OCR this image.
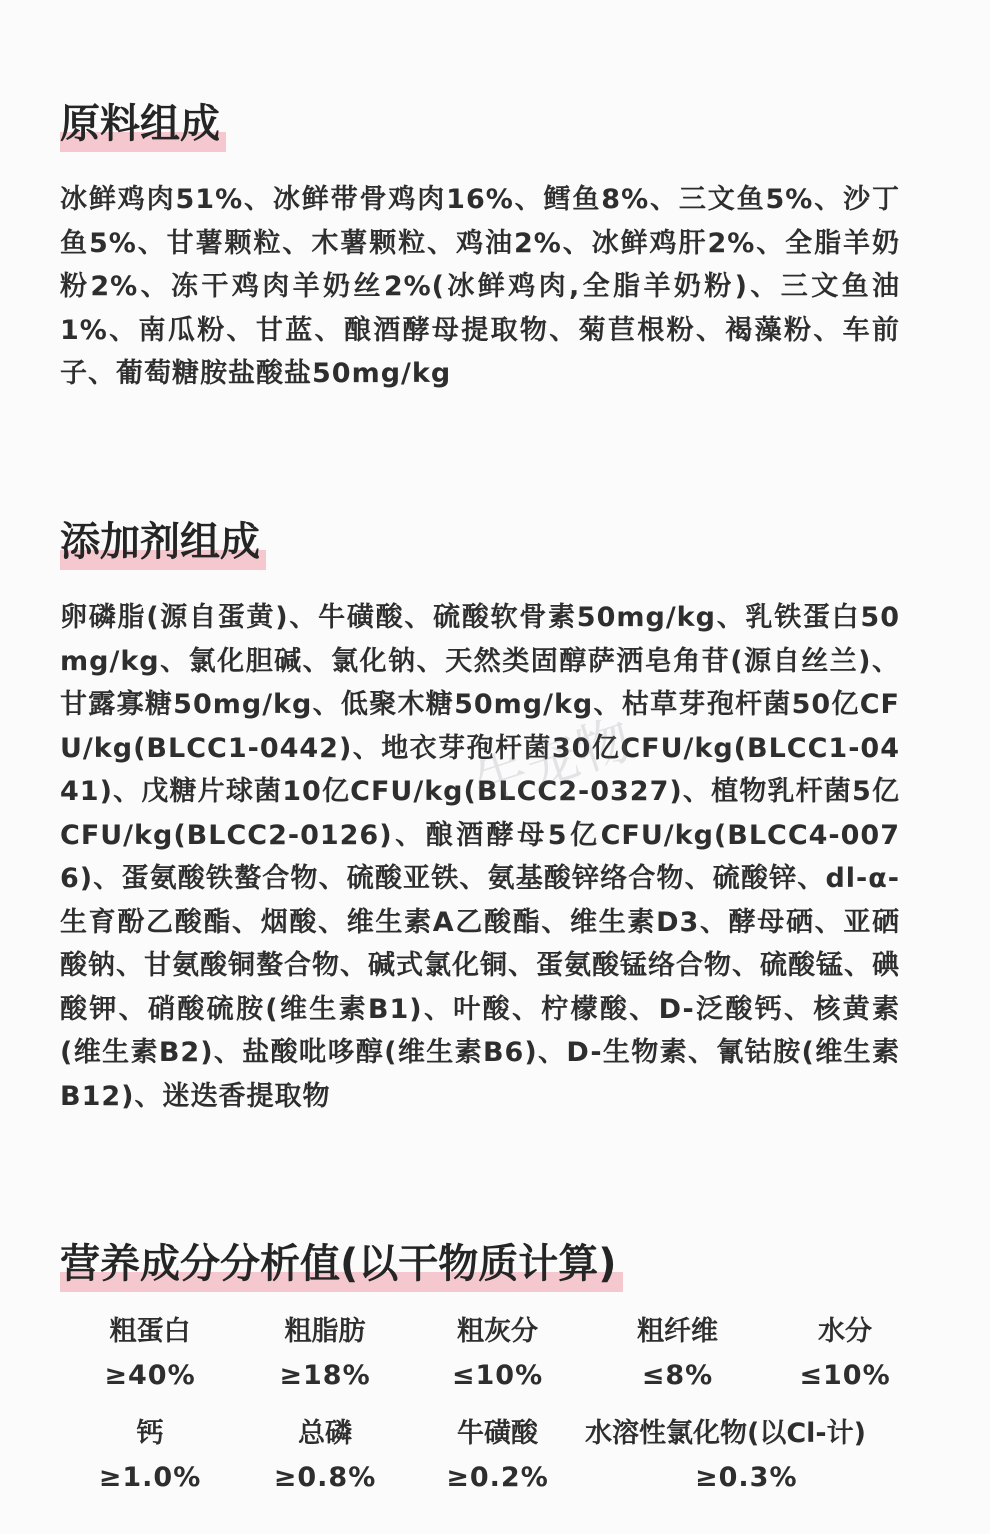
原料组成
冰鲜鸡肉51%、冰鲜带骨鸡肉16%、鳕鱼8%、三文鱼5%、沙丁鱼5%、甘薯颗粒、木薯颗粒、鸡油2%、冰鲜鸡肝2%、全脂羊奶粉2%、冻干鸡肉羊奶丝2%(冰鲜鸡肉,全脂羊奶粉)、三文鱼油1%、南瓜粉、甘蓝、酿酒酵母提取物、菊苣根粉、褐藻粉、车前子、葡萄糖胺盐酸盐50mg/kg
添加剂组成
卵磷脂(源自蛋黄)、牛磺酸、硫酸软骨素50mg/kg、乳铁蛋白50mg/kg、氯化胆碱、氯化钠、天然类固醇萨洒皂角苷(源自丝兰)、甘露寡糖50mg/kg、低聚木糖50mg/kg、枯草芽孢杆菌50亿CFU/kg(BLCC1-0442)、地衣芽孢杆菌30亿CFU/kg(BLCC1-0441)、戊糖片球菌10亿CFU/kg(BLCC2-0327)、植物乳杆菌5亿CFU/kg(BLCC2-0126)、酿酒酵母5亿CFU/kg(BLCC4-0076)、蛋氨酸铁螯合物、硫酸亚铁、氨基酸锌络合物、硫酸锌、dl-α-生育酚乙酸酯、烟酸、维生素A乙酸酯、维生素D3、酵母硒、亚硒酸钠、甘氨酸铜螯合物、碱式氯化铜、蛋氨酸锰络合物、硫酸锰、碘酸钾、硝酸硫胺(维生素B1)、叶酸、柠檬酸、D-泛酸钙、核黄素(维生素B2)、盐酸吡哆醇(维生素B6)、D-生物素、氰钴胺(维生素B12)、迷迭香提取物
营养成分分析值(以干物质计算)
粗蛋白
≥40%
粗脂肪
≥18%
粗灰分
≤10%
粗纤维
≤8%
水分
≤10%
钙
≥1.0%
总磷
≥0.8%
牛磺酸
≥0.2%
水溶性氯化物(以Cl-计)
≥0.3%
牛宠物
